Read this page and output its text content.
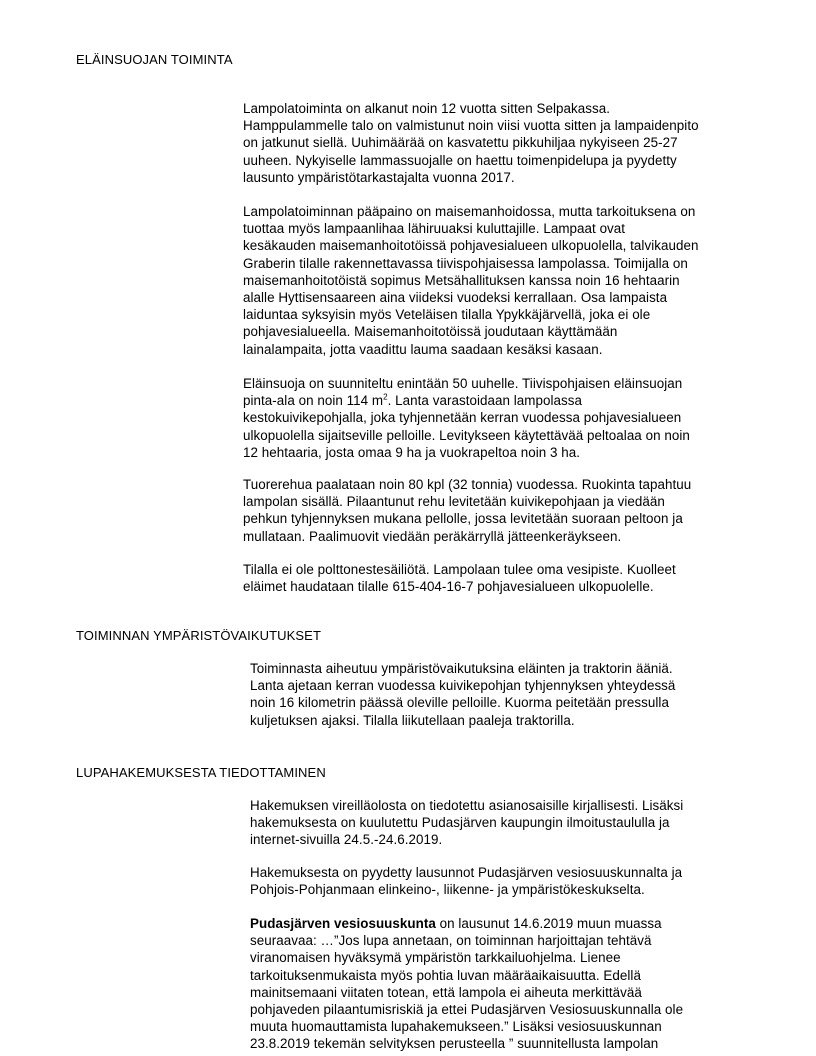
ELÄINSUOJAN TOIMINTA

Lampolatoiminta on alkanut noin 12 vuotta sitten Selpakassa.
Hamppulammelle talo on valmistunut noin viisi vuotta sitten ja lampaidenpito
on jatkunut siellä. Uuhimäärää on kasvatettu pikkuhiljaa nykyiseen 25-27
uuheen. Nykyiselle lammassuojalle on haettu toimenpidelupa ja pyydetty
lausunto ympäristötarkastajalta vuonna 2017.

Lampolatoiminnan pääpaino on maisemanhoidossa, mutta tarkoituksena on
tuottaa myös lampaanlihaa lähiruuaksi kuluttajille. Lampaat ovat
kesäkauden maisemanhoitotöissä pohjavesialueen ulkopuolella, talvikauden
Graberin tilalle rakennettavassa tiivispohjaisessa lampolassa. Toimijalla on
maisemanhoitotöistä sopimus Metsähallituksen kanssa noin 16 hehtaarin
alalle Hyttisensaareen aina viideksi vuodeksi kerrallaan. Osa lampaista
laiduntaa syksyisin myös Veteläisen tilalla Ypykkäjärvellä, joka ei ole
pohjavesialueella. Maisemanhoitotöissä joudutaan käyttämään
lainalampaita, jotta vaadittu lauma saadaan kesäksi kasaan.

Eläinsuoja on suunniteltu enintään 50 uuhelle. Tiivispohjaisen eläinsuojan
pinta-ala on noin 114 $m^2$. Lanta varastoidaan lampolassa
kestokuivikepohjalla, joka tyhjennetään kerran vuodessa pohjavesialueen
ulkopuolella sijaitseville pelloille. Levitykseen käytettävää peltoalaa on noin
12 hehtaaria, josta omaa 9 ha ja vuokrapeltoa noin 3 ha.

Tuorerehua paalataan noin 80 kpl (32 tonnia) vuodessa. Ruokinta tapahtuu
lampolan sisällä. Pilaantunut rehu levitetään kuivikepohjaan ja viedään
pehkun tyhjennyksen mukana pellolle, jossa levitetään suoraan peltoon ja
mullataan. Paalimuovit viedään peräkärryllä jätteenkeräykseen.

Tilalla ei ole polttonestesäiliötä. Lampolaan tulee oma vesipiste. Kuolleet
eläimet haudataan tilalle 615-404-16-7 pohjavesialueen ulkopuolelle.

TOIMINNAN YMPÄRISTÖVAIKUTUKSET

Toiminnasta aiheutuu ympäristövaikutuksina eläinten ja traktorin ääniä.
Lanta ajetaan kerran vuodessa kuivikepohjan tyhjennyksen yhteydessä
noin 16 kilometrin päässä oleville pelloille. Kuorma peitetään pressulla
kuljetuksen ajaksi. Tilalla liikutellaan paaleja traktorilla.

LUPAHAKEMUKSESTA TIEDOTTAMINEN

Hakemuksen vireilläolosta on tiedotettu asianosaisille kirjallisesti. Lisäksi
hakemuksesta on kuulutettu Pudasjärven kaupungin ilmoitustaululla ja
internet-sivuilla 24.5.-24.6.2019.

Hakemuksesta on pyydetty lausunnot Pudasjärven vesiosuuskunnalta ja
Pohjois-Pohjanmaan elinkeino-, liikenne- ja ympäristökeskukselta.

Pudasjärven vesiosuuskunta on lausunut 14.6.2019 muun muassa
seuraavaa: …”Jos lupa annetaan, on toiminnan harjoittajan tehtävä
viranomaisen hyväksymä ympäristön tarkkailuohjelma. Lienee
tarkoituksenmukaista myös pohtia luvan määräaikaisuutta. Edellä
mainitsemaani viitaten totean, että lampola ei aiheuta merkittävää
pohjaveden pilaantumisriskiä ja ettei Pudasjärven Vesiosuuskunnalla ole
muuta huomauttamista lupahakemukseen.” Lisäksi vesiosuuskunnan
23.8.2019 tekemän selvityksen perusteella ” suunnitellusta lampolan
